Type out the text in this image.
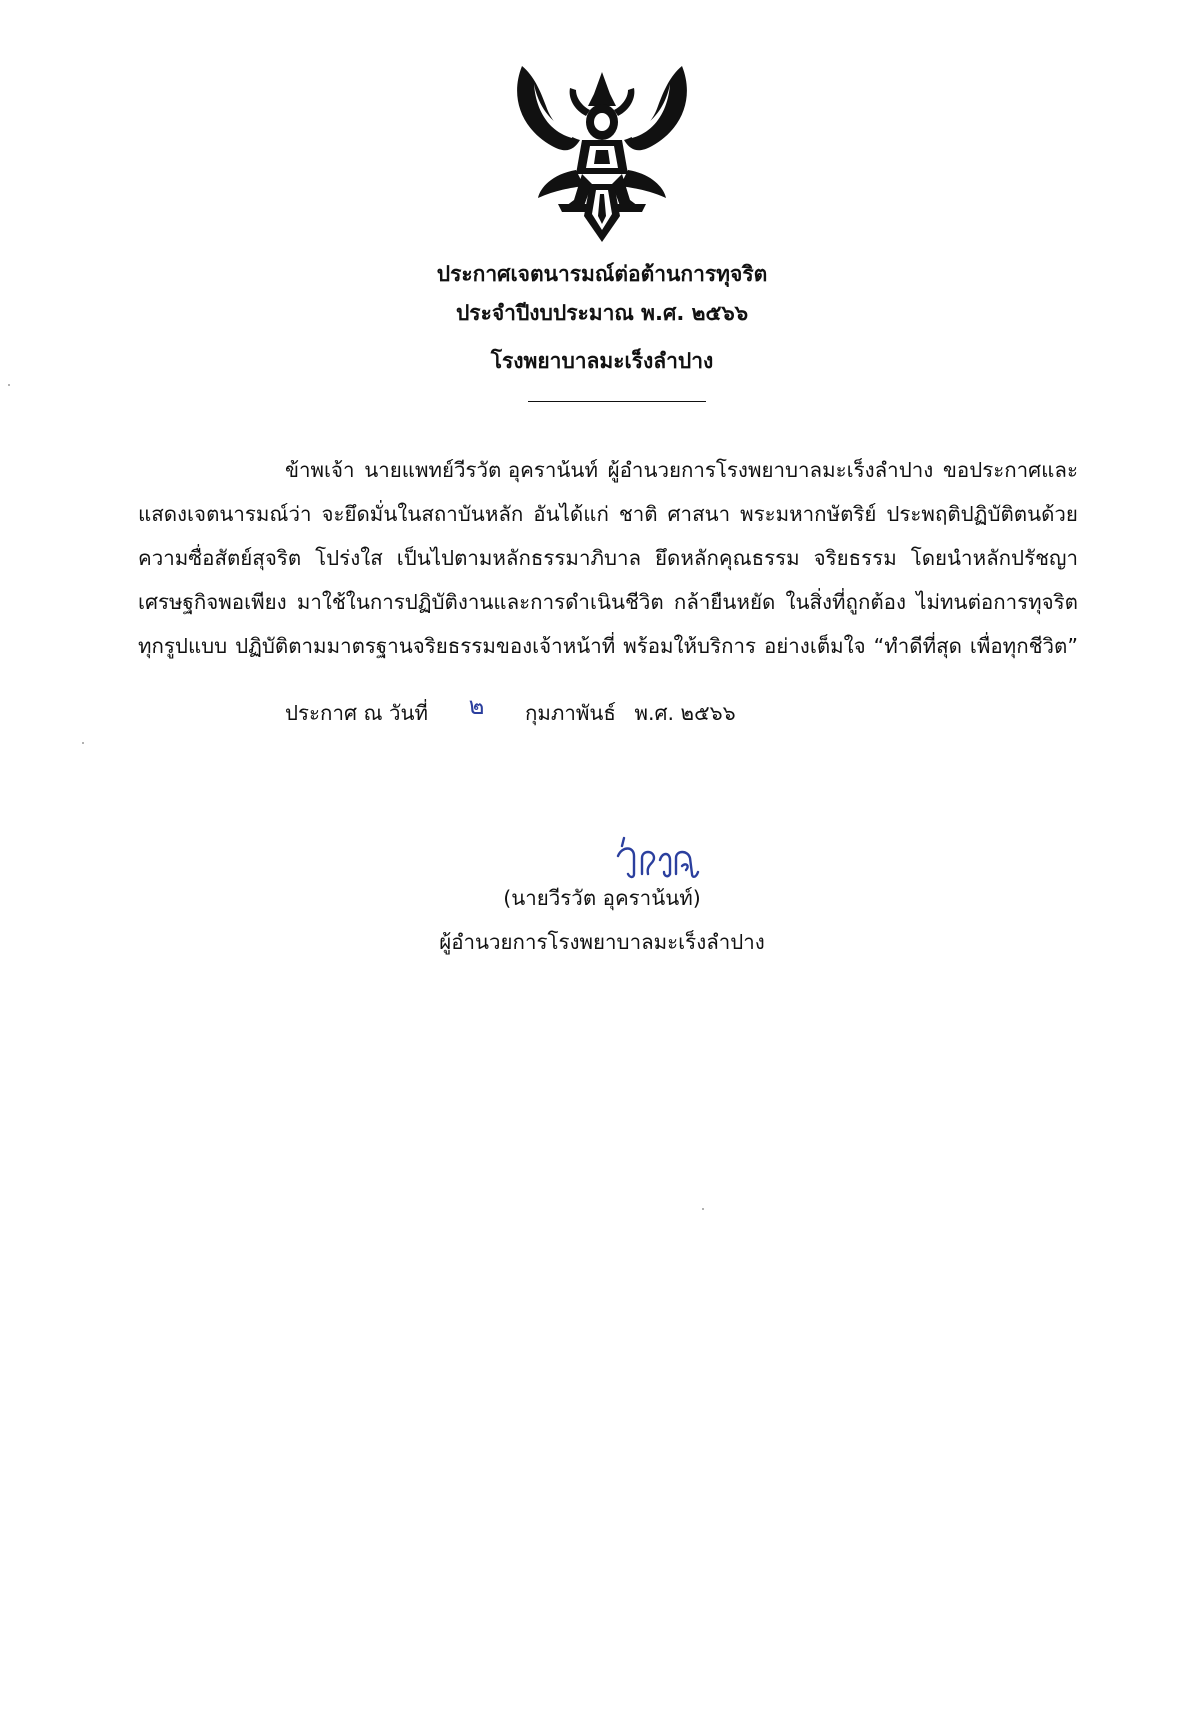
ประกาศเจตนารมณ์ต่อต้านการทุจริต
ประจำปีงบประมาณ พ.ศ. ๒๕๖๖
โรงพยาบาลมะเร็งลำปาง
ข้าพเจ้า นายแพทย์วีรวัต อุคราน้นท์ ผู้อำนวยการโรงพยาบาลมะเร็งลำปาง ขอประกาศและ
แสดงเจตนารมณ์ว่า จะยึดมั่นในสถาบันหลัก อันได้แก่ ชาติ ศาสนา พระมหากษัตริย์ ประพฤติปฏิบัติตนด้วย
ความซื่อสัตย์สุจริต โปร่งใส เป็นไปตามหลักธรรมาภิบาล ยึดหลักคุณธรรม จริยธรรม โดยนำหลักปรัชญา
เศรษฐกิจพอเพียง มาใช้ในการปฏิบัติงานและการดำเนินชีวิต กล้ายืนหยัด ในสิ่งที่ถูกต้อง ไม่ทนต่อการทุจริต
ทุกรูปแบบ ปฏิบัติตามมาตรฐานจริยธรรมของเจ้าหน้าที่ พร้อมให้บริการ อย่างเต็มใจ “ทำดีที่สุด เพื่อทุกชีวิต”
ประกาศ ณ วันที่ ๒ กุมภาพันธ์ พ.ศ. ๒๕๖๖
(นายวีรวัต อุคราน้นท์)
ผู้อำนวยการโรงพยาบาลมะเร็งลำปาง
